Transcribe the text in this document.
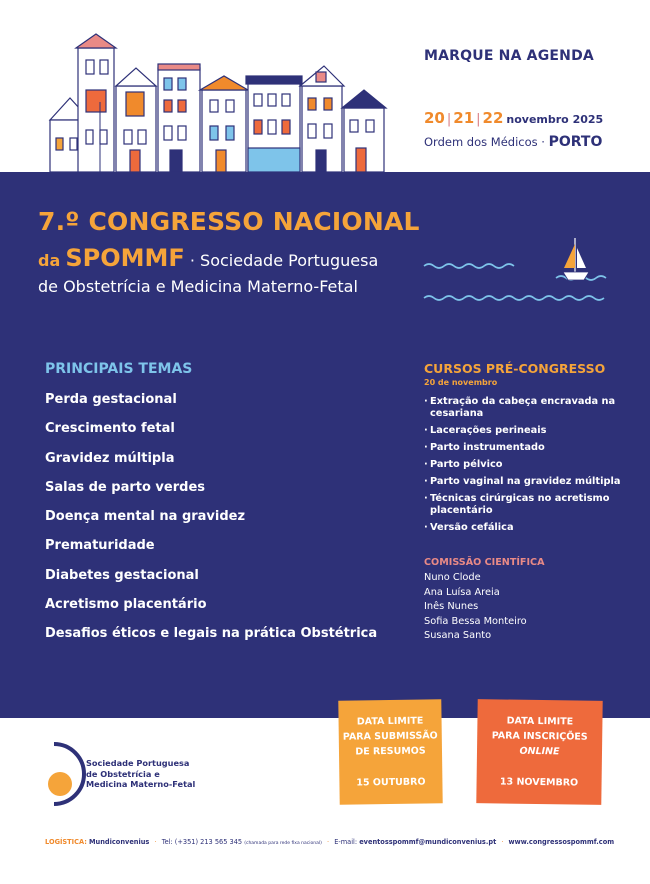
MARQUE NA AGENDA
20 | 21 | 22 novembro 2025
Ordem dos Médicos · PORTO
7.º CONGRESSO NACIONAL
da SPOMMF · Sociedade Portuguesa
de Obstetrícia e Medicina Materno-Fetal
PRINCIPAIS TEMAS
Perda gestacional
Crescimento fetal
Gravidez múltipla
Salas de parto verdes
Doença mental na gravidez
Prematuridade
Diabetes gestacional
Acretismo placentário
Desafios éticos e legais na prática Obstétrica
CURSOS PRÉ-CONGRESSO
20 de novembro
· Extração da cabeça encravada na cesariana
· Lacerações perineais
· Parto instrumentado
· Parto pélvico
· Parto vaginal na gravidez múltipla
· Técnicas cirúrgicas no acretismo placentário
· Versão cefálica
COMISSÃO CIENTÍFICA
Nuno Clode
Ana Luísa Areia
Inês Nunes
Sofia Bessa Monteiro
Susana Santo
DATA LIMITE
PARA SUBMISSÃO
DE RESUMOS
15 OUTUBRO
DATA LIMITE
PARA INSCRIÇÕES
ONLINE
13 NOVEMBRO
Sociedade Portuguesa
de Obstetrícia e
Medicina Materno-Fetal
LOGÍSTICA: Mundiconvenius · Tel: (+351) 213 565 345 (chamada para rede fixa nacional) · E-mail: eventosspommf@mundiconvenius.pt · www.congressospommf.com
